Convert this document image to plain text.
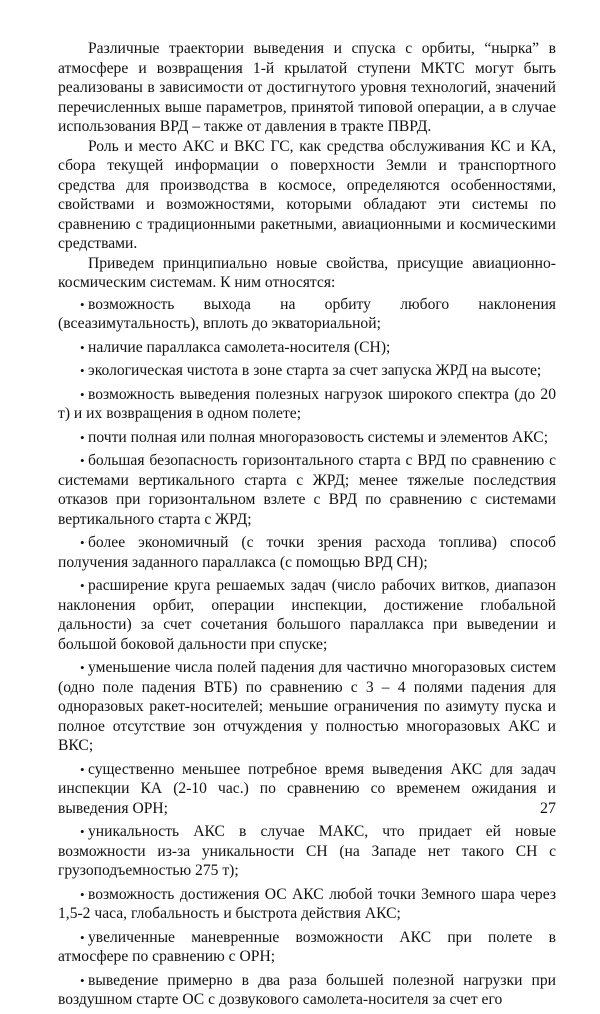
Различные траектории выведения и спуска с орбиты, “нырка” в атмосфере и возвращения 1-й крылатой ступени МКТС могут быть реализованы в зависимости от достигнутого уровня технологий, значений перечисленных выше параметров, принятой типовой операции, а в случае использования ВРД – также от давления в тракте ПВРД.

Роль и место АКС и ВКС ГС, как средства обслуживания КС и КА, сбора текущей информации о поверхности Земли и транспортного средства для производства в космосе, определяются особенностями, свойствами и возможностями, которыми обладают эти системы по сравнению с традиционными ракетными, авиационными и космическими средствами.

Приведем принципиально новые свойства, присущие авиационно-космическим системам. К ним относятся:

•возможность выхода на орбиту любого наклонения (всеазимутальность), вплоть до экваториальной;
•наличие параллакса самолета-носителя (СН);
•экологическая чистота в зоне старта за счет запуска ЖРД на высоте;
•возможность выведения полезных нагрузок широкого спектра (до 20 т) и их возвращения в одном полете;
•почти полная или полная многоразовость системы и элементов АКС;
•большая безопасность горизонтального старта с ВРД по сравнению с системами вертикального старта с ЖРД; менее тяжелые последствия отказов при горизонтальном взлете с ВРД по сравнению с системами вертикального старта с ЖРД;
•более экономичный (с точки зрения расхода топлива) способ получения заданного параллакса (с помощью ВРД СН);
•расширение круга решаемых задач (число рабочих витков, диапазон наклонения орбит, операции инспекции, достижение глобальной дальности) за счет сочетания большого параллакса при выведении и большой боковой дальности при спуске;
•уменьшение числа полей падения для частично многоразовых систем (одно поле падения ВТБ) по сравнению с 3 – 4 полями падения для одноразовых ракет-носителей; меньшие ограничения по азимуту пуска и полное отсутствие зон отчуждения у полностью многоразовых АКС и ВКС;
•существенно меньшее потребное время выведения АКС для задач инспекции КА (2-10 час.) по сравнению со временем ожидания и выведения ОРН;
•уникальность АКС в случае МАКС, что придает ей новые возможности из-за уникальности СН (на Западе нет такого СН с грузоподъемностью 275 т);
•возможность достижения ОС АКС любой точки Земного шара через 1,5-2 часа, глобальность и быстрота действия АКС;
•увеличенные маневренные возможности АКС при полете в атмосфере по сравнению с ОРН;
•выведение примерно в два раза большей полезной нагрузки при воздушном старте ОС с дозвукового самолета-носителя за счет его
27
